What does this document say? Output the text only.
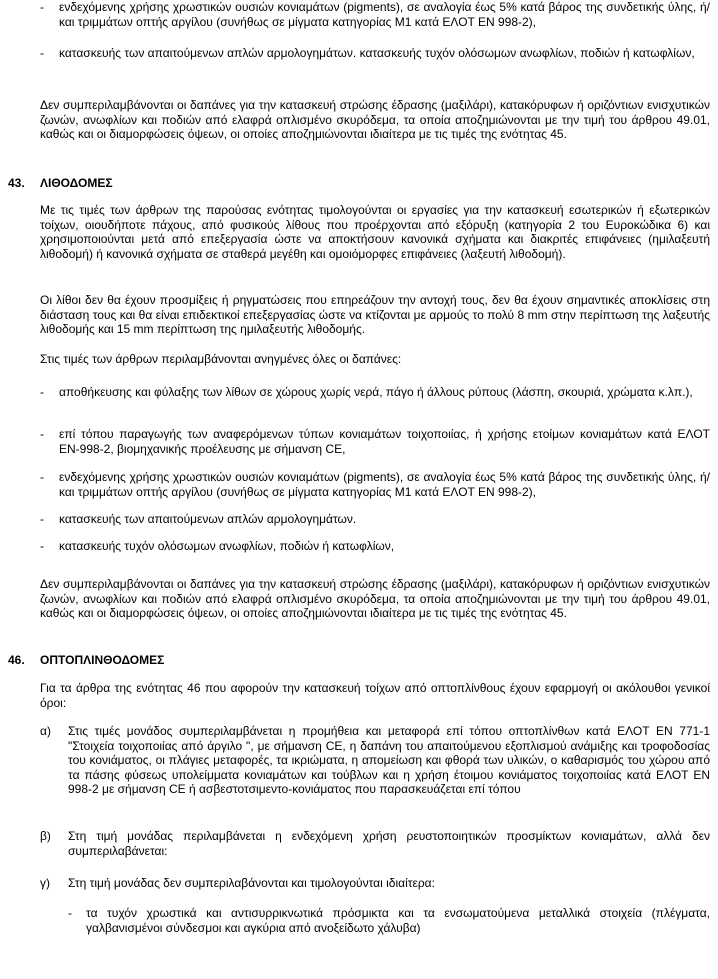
-	ενδεχόμενης χρήσης χρωστικών ουσιών κονιαμάτων (pigments), σε αναλογία έως 5% κατά βάρος της συνδετικής ύλης, ή/και τριμμάτων οπτής αργίλου (συνήθως σε μίγματα κατηγορίας Μ1 κατά ΕΛΟΤ ΕΝ 998-2),
-	κατασκευής των απαιτούμενων απλών αρμολογημάτων. κατασκευής τυχόν ολόσωμων ανωφλίων, ποδιών ή κατωφλίων,
Δεν συμπεριλαμβάνονται οι δαπάνες για την κατασκευή στρώσης έδρασης (μαξιλάρι), κατακόρυφων ή οριζόντιων ενισχυτικών ζωνών, ανωφλίων και ποδιών από ελαφρά οπλισμένο σκυρόδεμα, τα οποία αποζημιώνονται με την τιμή του άρθρου 49.01, καθώς και οι διαμορφώσεις όψεων, οι οποίες αποζημιώνονται ιδιαίτερα με τις τιμές της ενότητας 45.
43. ΛΙΘΟΔΟΜΕΣ
Με τις τιμές των άρθρων της παρούσας ενότητας τιμολογούνται οι εργασίες για την κατασκευή εσωτερικών ή εξωτερικών τοίχων, οιουδήποτε πάχους, από φυσικούς λίθους που προέρχονται από εξόρυξη (κατηγορία 2 του Ευροκώδικα 6) και χρησιμοποιούνται μετά από επεξεργασία ώστε να αποκτήσουν κανονικά σχήματα και διακριτές επιφάνειες (ημιλαξευτή λιθοδομή) ή κανονικά σχήματα σε σταθερά μεγέθη και ομοιόμορφες επιφάνειες (λαξευτή λιθοδομή).
Οι λίθοι δεν θα έχουν προσμίξεις ή ρηγματώσεις που επηρεάζουν την αντοχή τους, δεν θα έχουν σημαντικές αποκλίσεις στη διάσταση τους και θα είναι επιδεκτικοί επεξεργασίας ώστε να κτίζονται με αρμούς το πολύ 8 mm στην περίπτωση της λαξευτής λιθοδομής και 15 mm περίπτωση της ημιλαξευτής λιθοδομής.
Στις τιμές των άρθρων περιλαμβάνονται ανηγμένες όλες οι δαπάνες:
-	αποθήκευσης και φύλαξης των λίθων σε χώρους χωρίς νερά, πάγο ή άλλους ρύπους (λάσπη, σκουριά, χρώματα κ.λπ.),
-	επί τόπου παραγωγής των αναφερόμενων τύπων κονιαμάτων τοιχοποιίας, ή χρήσης ετοίμων κονιαμάτων κατά ΕΛΟΤ ΕΝ-998-2, βιομηχανικής προέλευσης με σήμανση CE,
-	ενδεχόμενης χρήσης χρωστικών ουσιών κονιαμάτων (pigments), σε αναλογία έως 5% κατά βάρος της συνδετικής ύλης, ή/και τριμμάτων οπτής αργίλου (συνήθως σε μίγματα κατηγορίας Μ1 κατά ΕΛΟΤ ΕΝ 998-2),
-	κατασκευής των απαιτούμενων απλών αρμολογημάτων.
-	κατασκευής τυχόν ολόσωμων ανωφλίων, ποδιών ή κατωφλίων,
Δεν συμπεριλαμβάνονται οι δαπάνες για την κατασκευή στρώσης έδρασης (μαξιλάρι), κατακόρυφων ή οριζόντιων ενισχυτικών ζωνών, ανωφλίων και ποδιών από ελαφρά οπλισμένο σκυρόδεμα, τα οποία αποζημιώνονται με την τιμή του άρθρου 49.01, καθώς και οι διαμορφώσεις όψεων, οι οποίες αποζημιώνονται ιδιαίτερα με τις τιμές της ενότητας 45.
46. ΟΠΤΟΠΛΙΝΘΟΔΟΜΕΣ
Για τα άρθρα της ενότητας 46 που αφορούν την κατασκευή τοίχων από οπτοπλίνθους έχουν εφαρμογή οι ακόλουθοι γενικοί όροι:
α) Στις τιμές μονάδος συμπεριλαμβάνεται η προμήθεια και μεταφορά επί τόπου οπτοπλίνθων κατά ΕΛΟΤ ΕΝ 771-1 "Στοιχεία τοιχοποιίας από άργιλο ", με σήμανση CE, η δαπάνη του απαιτούμενου εξοπλισμού ανάμιξης και τροφοδοσίας του κονιάματος, οι πλάγιες μεταφορές, τα ικριώματα, η απομείωση και φθορά των υλικών, ο καθαρισμός του χώρου από τα πάσης φύσεως υπολείμματα κονιαμάτων και τούβλων και η χρήση έτοιμου κονιάματος τοιχοποιίας κατά ΕΛΟΤ ΕΝ 998-2 με σήμανση CE ή ασβεστοτσιμεντο-κονιάματος που παρασκευάζεται επί τόπου
β) Στη τιμή μονάδας περιλαμβάνεται η ενδεχόμενη χρήση ρευστοποιητικών προσμίκτων κονιαμάτων, αλλά δεν συμπεριλαβάνεται:
γ) Στη τιμή μονάδας δεν συμπεριλαβάνονται και τιμολογούνται ιδιαίτερα:
- τα τυχόν χρωστικά και αντισυρρικνωτικά πρόσμικτα και τα ενσωματούμενα μεταλλικά στοιχεία (πλέγματα, γαλβανισμένοι σύνδεσμοι και αγκύρια από ανοξείδωτο χάλυβα)
